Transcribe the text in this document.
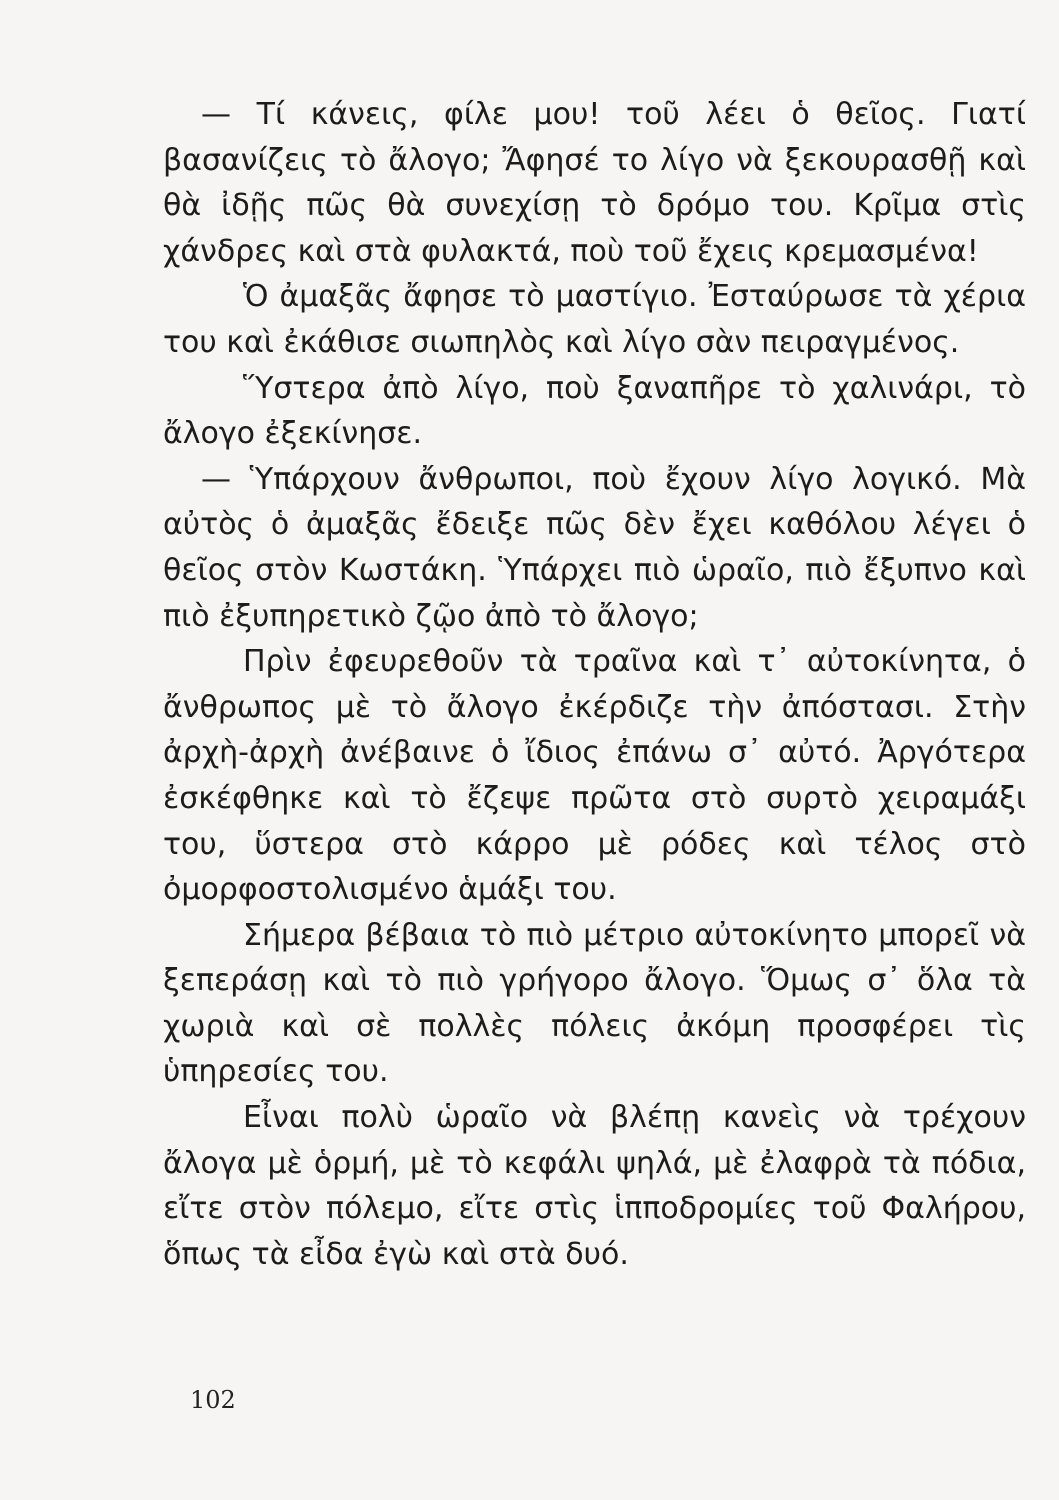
— Τί κάνεις, φίλε μου! τοῦ λέει ὁ θεῖος. Γιατί βασανίζεις τὸ ἄλογο; Ἄφησέ το λίγο νὰ ξεκουρασθῇ καὶ θὰ ἰδῇς πῶς θὰ συνεχίσῃ τὸ δρόμο του. Κρῖμα στὶς χάνδρες καὶ στὰ φυλακτά, ποὺ τοῦ ἔχεις κρεμασμένα!

Ὁ ἀμαξᾶς ἄφησε τὸ μαστίγιο. Ἐσταύρωσε τὰ χέρια του καὶ ἐκάθισε σιωπηλὸς καὶ λίγο σὰν πειραγμένος.

Ὕστερα ἀπὸ λίγο, ποὺ ξαναπῆρε τὸ χαλινάρι, τὸ ἄλογο ἐξεκίνησε.

— Ὑπάρχουν ἄνθρωποι, ποὺ ἔχουν λίγο λογικό. Μὰ αὐτὸς ὁ ἀμαξᾶς ἔδειξε πῶς δὲν ἔχει καθόλου λέγει ὁ θεῖος στὸν Κωστάκη. Ὑπάρχει πιὸ ὡραῖο, πιὸ ἔξυπνο καὶ πιὸ ἐξυπηρετικὸ ζῷο ἀπὸ τὸ ἄλογο;

Πρὶν ἐφευρεθοῦν τὰ τραῖνα καὶ τ᾿ αὐτοκίνητα, ὁ ἄνθρωπος μὲ τὸ ἄλογο ἐκέρδιζε τὴν ἀπόστασι. Στὴν ἀρχὴ-ἀρχὴ ἀνέβαινε ὁ ἴδιος ἐπάνω σ᾿ αὐτό. Ἀργότερα ἐσκέφθηκε καὶ τὸ ἔζεψε πρῶτα στὸ συρτὸ χειραμάξι του, ὕστερα στὸ κάρρο μὲ ρόδες καὶ τέλος στὸ ὀμορφοστολισμένο ἁμάξι του.

Σήμερα βέβαια τὸ πιὸ μέτριο αὐτοκίνητο μπορεῖ νὰ ξεπεράσῃ καὶ τὸ πιὸ γρήγορο ἄλογο. Ὅμως σ᾿ ὅλα τὰ χωριὰ καὶ σὲ πολλὲς πόλεις ἀκόμη προσφέρει τὶς ὑπηρεσίες του.

Εἶναι πολὺ ὡραῖο νὰ βλέπῃ κανεὶς νὰ τρέχουν ἄλογα μὲ ὁρμή, μὲ τὸ κεφάλι ψηλά, μὲ ἐλαφρὰ τὰ πόδια, εἴτε στὸν πόλεμο, εἴτε στὶς ἱπποδρομίες τοῦ Φαλήρου, ὅπως τὰ εἶδα ἐγὼ καὶ στὰ δυό.

102
